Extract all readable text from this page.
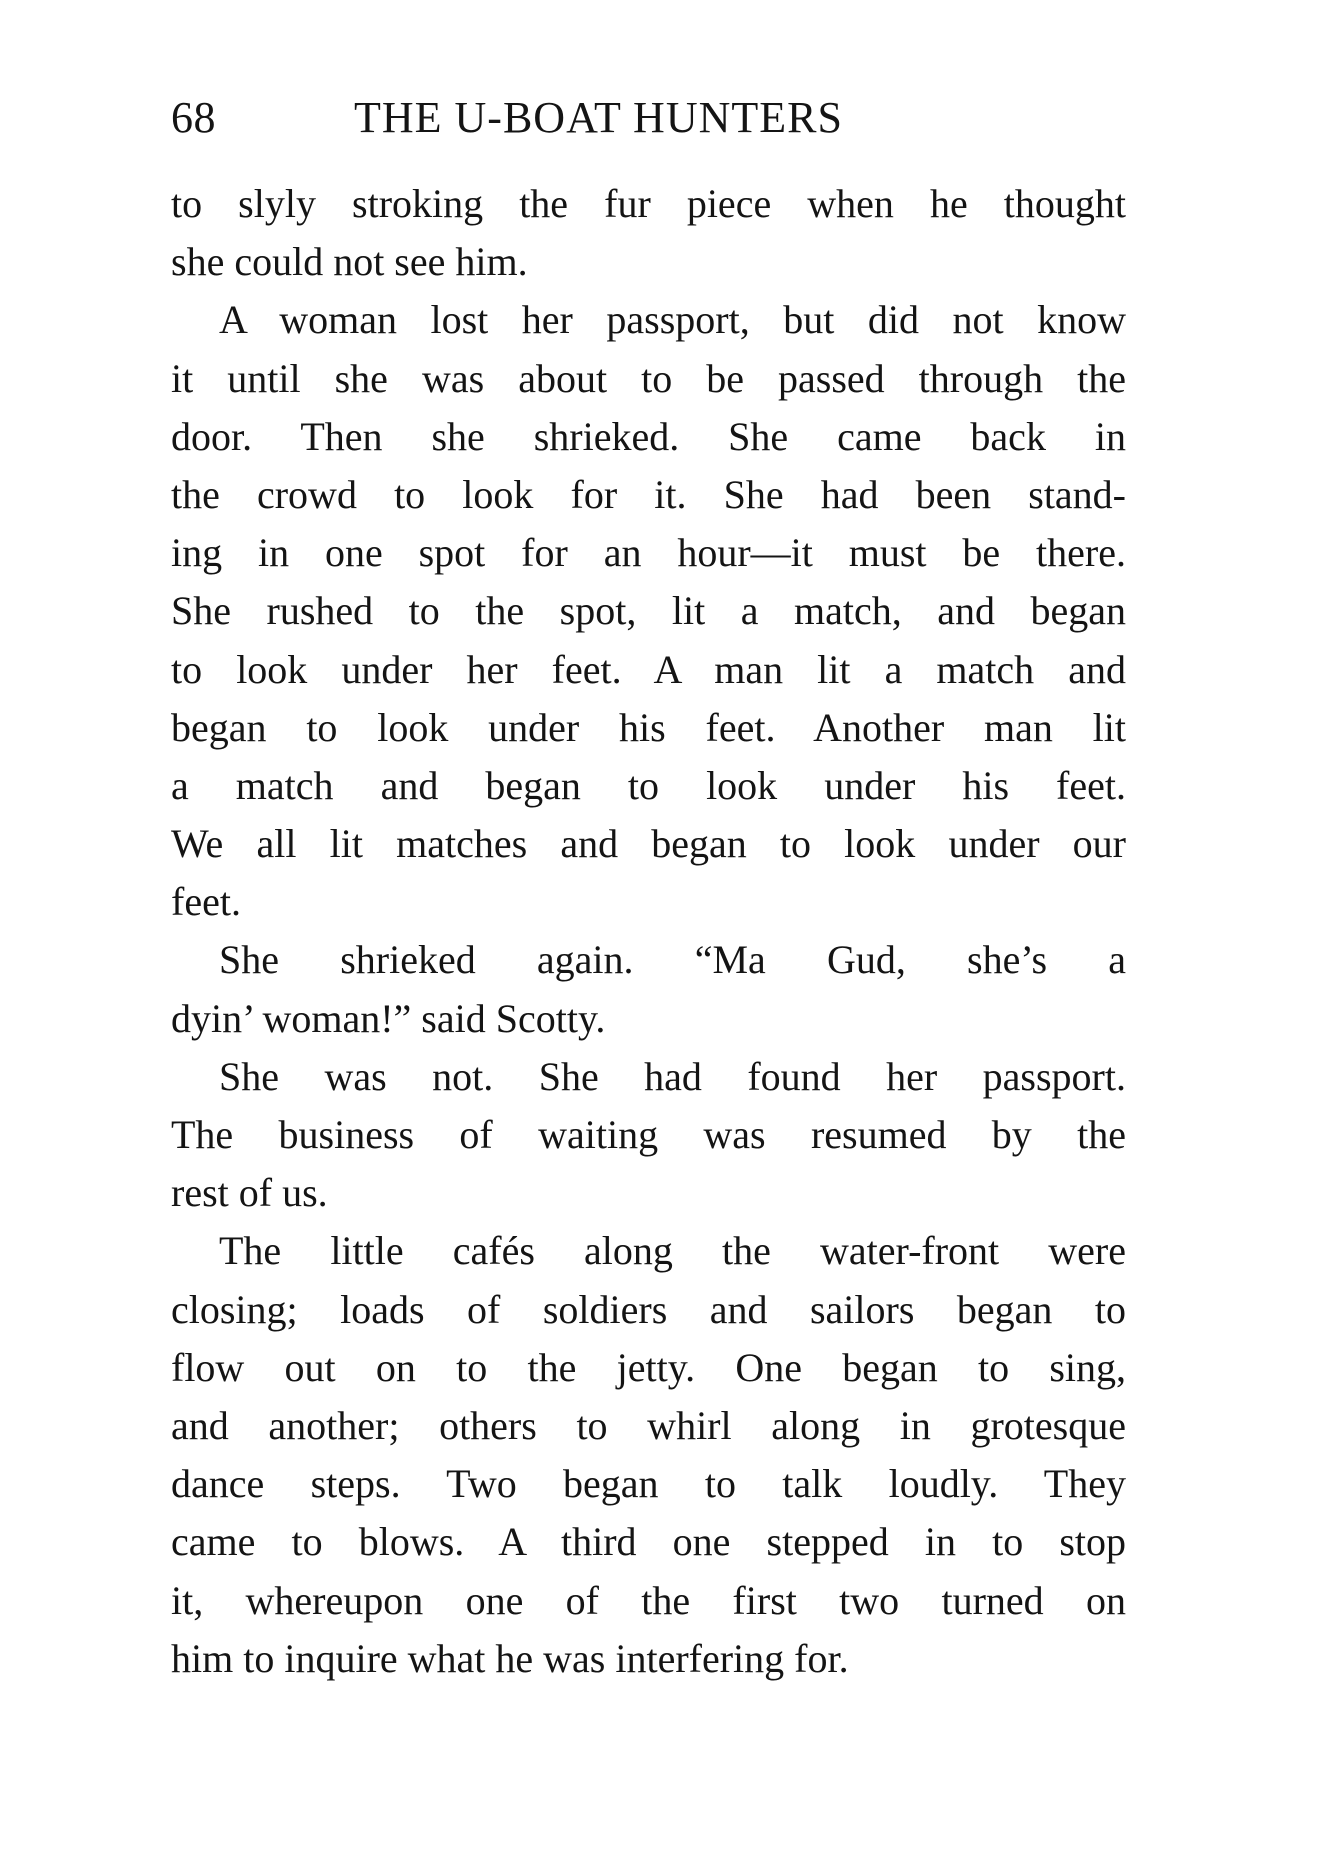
68	THE U-BOAT HUNTERS
to slyly stroking the fur piece when he thought
she could not see him.
A woman lost her passport, but did not know
it until she was about to be passed through the
door. Then she shrieked. She came back in
the crowd to look for it. She had been stand-
ing in one spot for an hour—it must be there.
She rushed to the spot, lit a match, and began
to look under her feet. A man lit a match and
began to look under his feet. Another man lit
a match and began to look under his feet.
We all lit matches and began to look under our
feet.
She shrieked again. “Ma Gud, she’s a
dyin’ woman!” said Scotty.
She was not. She had found her passport.
The business of waiting was resumed by the
rest of us.
The little cafés along the water-front were
closing; loads of soldiers and sailors began to
flow out on to the jetty. One began to sing,
and another; others to whirl along in grotesque
dance steps. Two began to talk loudly. They
came to blows. A third one stepped in to stop
it, whereupon one of the first two turned on
him to inquire what he was interfering for.
